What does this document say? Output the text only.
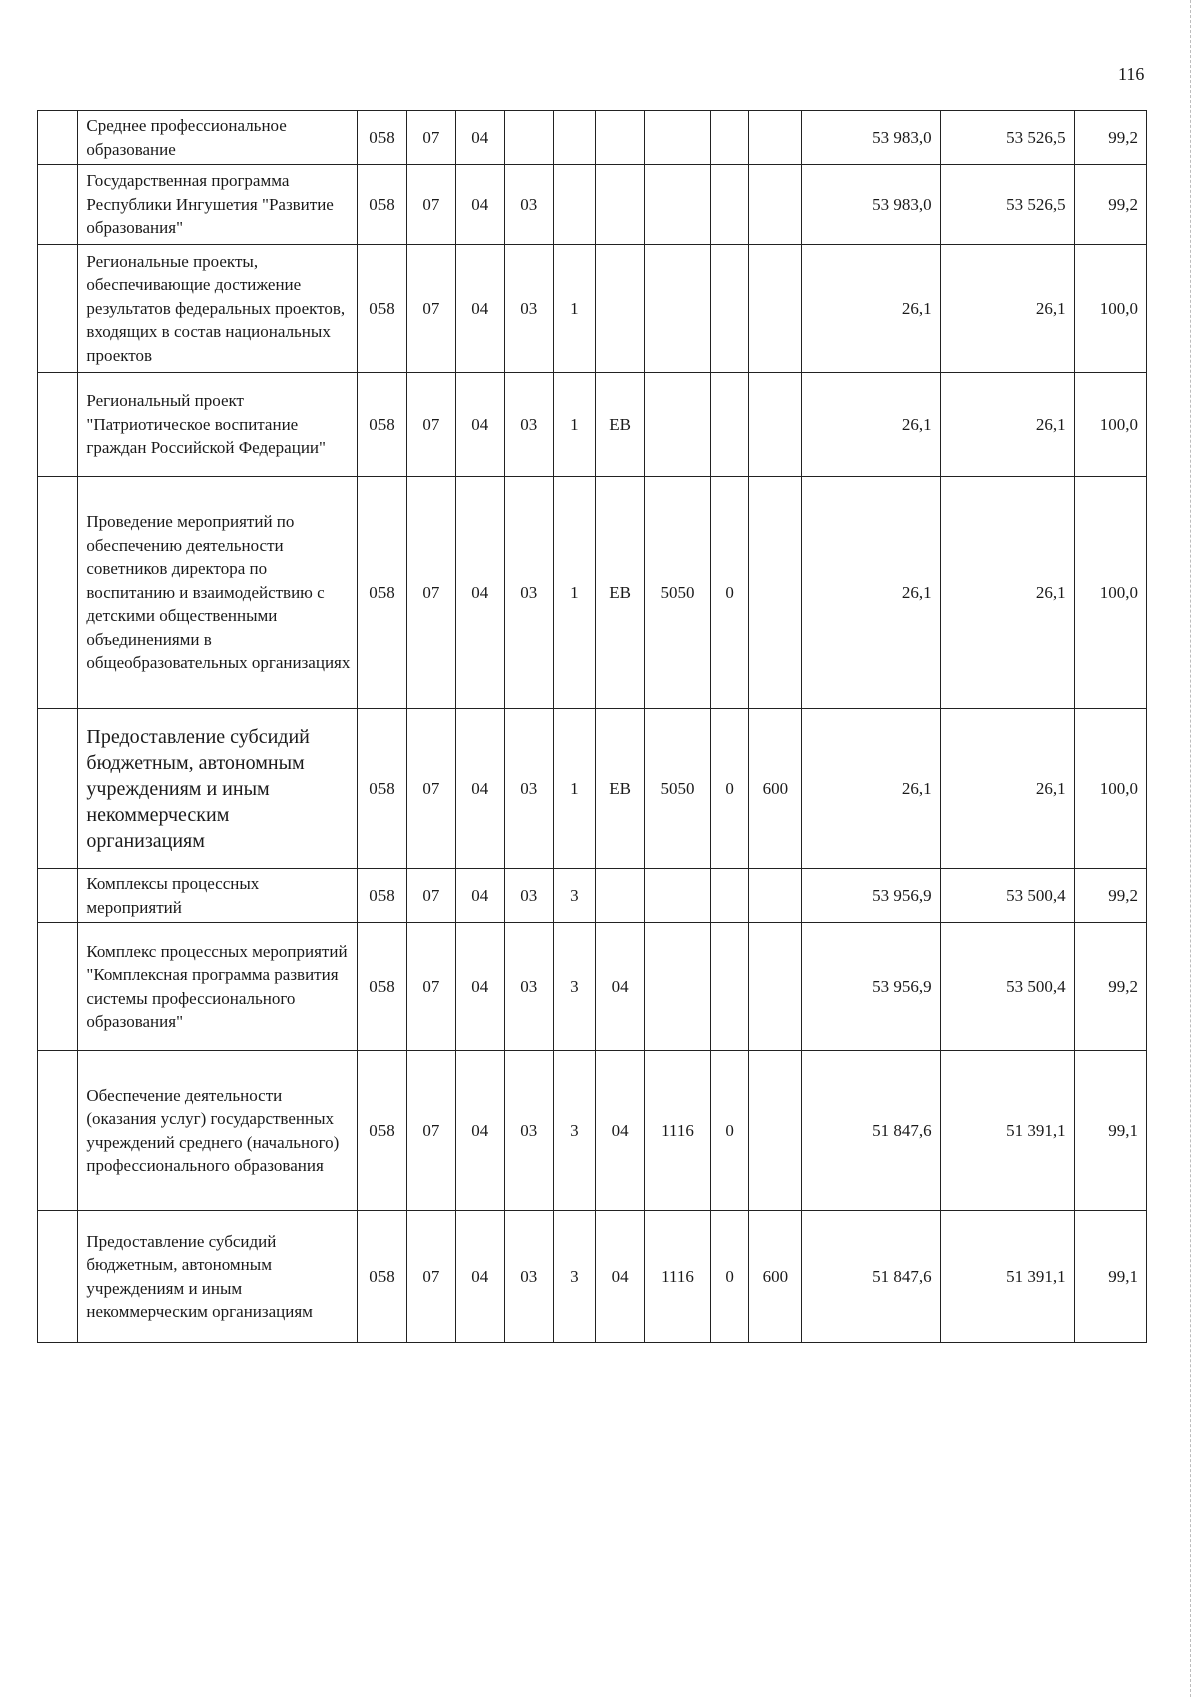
116
	Среднее профессиональное образование	058	07	04							53 983,0	53 526,5	99,2
	Государственная программа Республики Ингушетия "Развитие образования"	058	07	04	03						53 983,0	53 526,5	99,2
	Региональные проекты, обеспечивающие достижение результатов федеральных проектов, входящих в состав национальных проектов	058	07	04	03	1					26,1	26,1	100,0
	Региональный проект "Патриотическое воспитание граждан Российской Федерации"	058	07	04	03	1	ЕВ				26,1	26,1	100,0
	Проведение мероприятий по обеспечению деятельности советников директора по воспитанию и взаимодействию с детскими общественными объединениями в общеобразовательных организациях	058	07	04	03	1	ЕВ	5050	0		26,1	26,1	100,0
	Предоставление субсидий бюджетным, автономным учреждениям и иным некоммерческим организациям	058	07	04	03	1	ЕВ	5050	0	600	26,1	26,1	100,0
	Комплексы процессных мероприятий	058	07	04	03	3					53 956,9	53 500,4	99,2
	Комплекс процессных мероприятий "Комплексная программа развития системы профессионального образования"	058	07	04	03	3	04				53 956,9	53 500,4	99,2
	Обеспечение деятельности (оказания услуг) государственных учреждений среднего (начального) профессионального образования	058	07	04	03	3	04	1116	0		51 847,6	51 391,1	99,1
	Предоставление субсидий бюджетным, автономным учреждениям и иным некоммерческим организациям	058	07	04	03	3	04	1116	0	600	51 847,6	51 391,1	99,1
